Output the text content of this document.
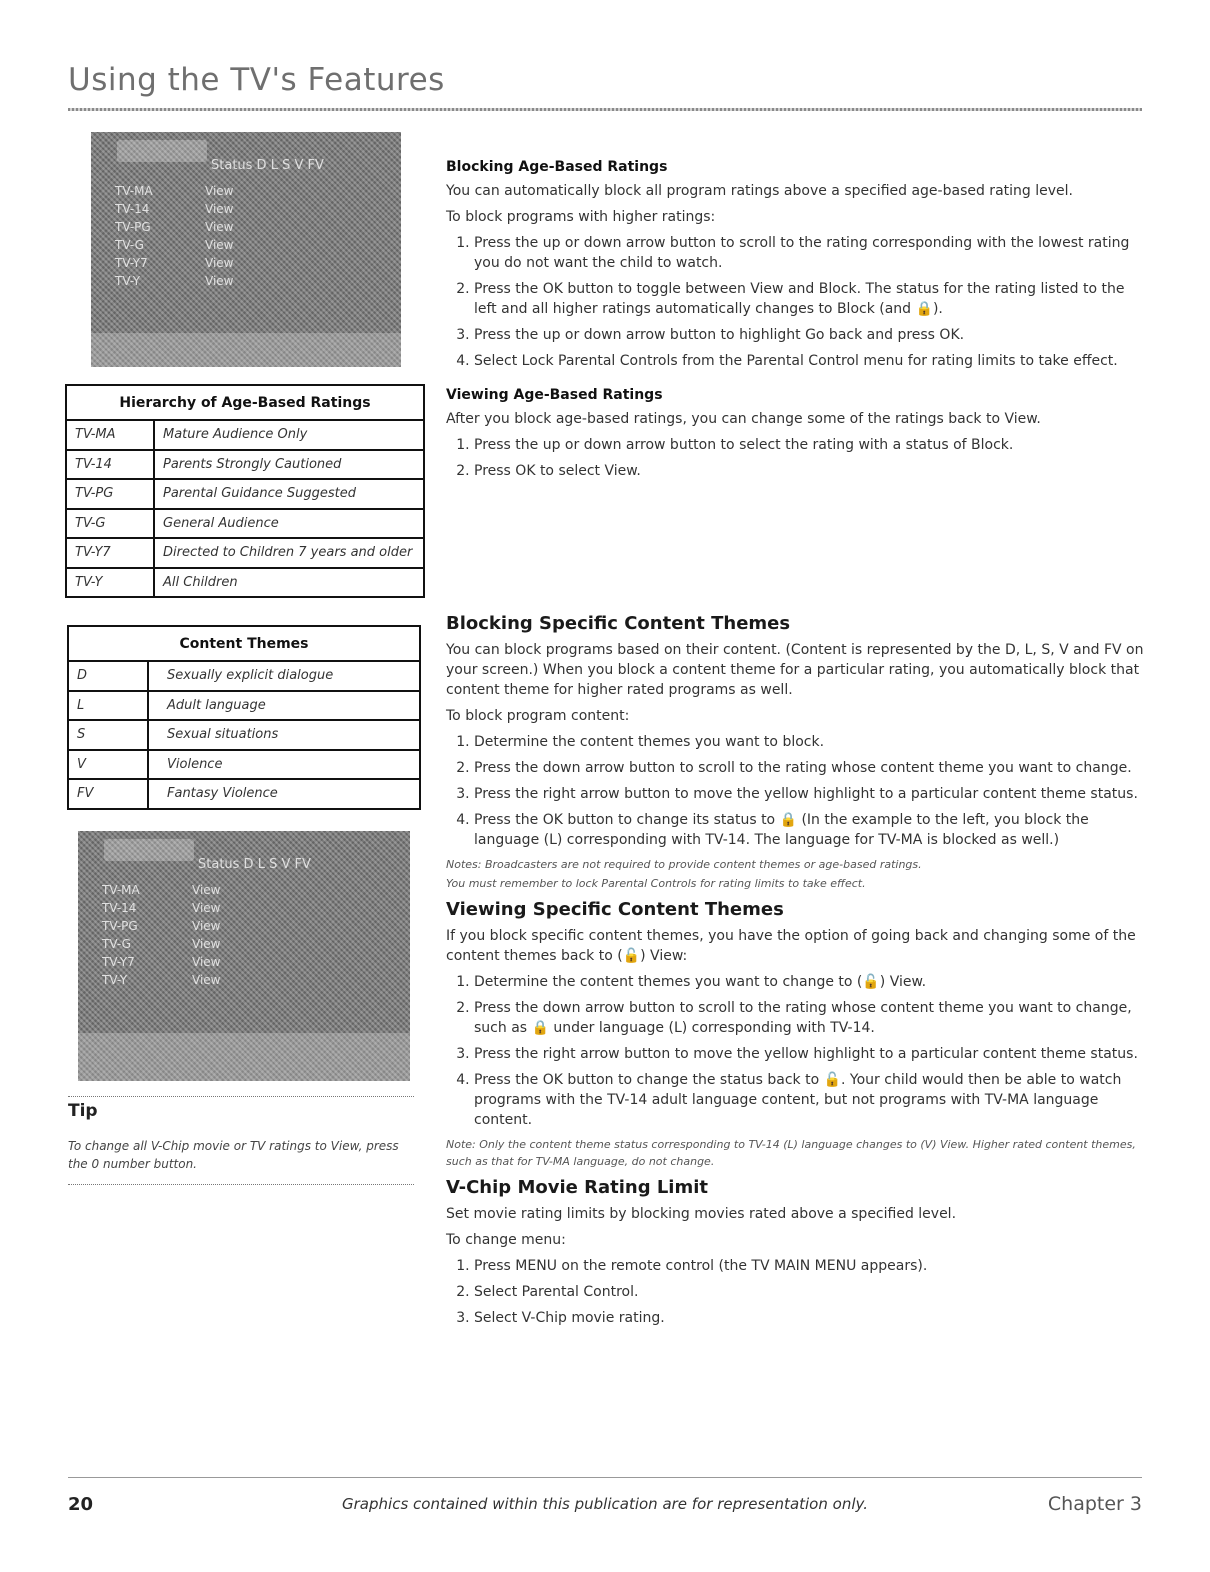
Using the TV's Features
Status D L S V FV
TV-MA	View
TV-14	View
TV-PG	View
TV-G	View
TV-Y7	View
TV-Y	View
Hierarchy of Age-Based Ratings	
TV-MA	Mature Audience Only
TV-14	Parents Strongly Cautioned
TV-PG	Parental Guidance Suggested
TV-G	General Audience
TV-Y7	Directed to Children 7 years and older
TV-Y	All Children
Content Themes	
D	Sexually explicit dialogue
L	Adult language
S	Sexual situations
V	Violence
FV	Fantasy Violence
Status D L S V FV
TV-MA	View
TV-14	View
TV-PG	View
TV-G	View
TV-Y7	View
TV-Y	View
Tip

To change all V-Chip movie or TV ratings to View, press the 0 number button.

Blocking Age-Based Ratings

You can automatically block all program ratings above a specified age-based rating level.

To block programs with higher ratings:

1. Press the up or down arrow button to scroll to the rating corresponding with the lowest rating you do not want the child to watch.
2. Press the OK button to toggle between View and Block. The status for the rating listed to the left and all higher ratings automatically changes to Block (and 🔒).
3. Press the up or down arrow button to highlight Go back and press OK.
4. Select Lock Parental Controls from the Parental Control menu for rating limits to take effect.
Viewing Age-Based Ratings

After you block age-based ratings, you can change some of the ratings back to View.

1. Press the up or down arrow button to select the rating with a status of Block.
2. Press OK to select View.
Blocking Specific Content Themes

You can block programs based on their content. (Content is represented by the D, L, S, V and FV on your screen.) When you block a content theme for a particular rating, you automatically block that content theme for higher rated programs as well.

To block program content:

1. Determine the content themes you want to block.
2. Press the down arrow button to scroll to the rating whose content theme you want to change.
3. Press the right arrow button to move the yellow highlight to a particular content theme status.
4. Press the OK button to change its status to 🔒 (In the example to the left, you block the language (L) corresponding with TV-14. The language for TV-MA is blocked as well.)

Notes: Broadcasters are not required to provide content themes or age-based ratings.

You must remember to lock Parental Controls for rating limits to take effect.

Viewing Specific Content Themes

If you block specific content themes, you have the option of going back and changing some of the content themes back to (🔓) View:

1. Determine the content themes you want to change to (🔓) View.
2. Press the down arrow button to scroll to the rating whose content theme you want to change, such as 🔒 under language (L) corresponding with TV-14.
3. Press the right arrow button to move the yellow highlight to a particular content theme status.
4. Press the OK button to change the status back to 🔓. Your child would then be able to watch programs with the TV-14 adult language content, but not programs with TV-MA language content.

Note: Only the content theme status corresponding to TV-14 (L) language changes to (V) View. Higher rated content themes, such as that for TV-MA language, do not change.

V-Chip Movie Rating Limit

Set movie rating limits by blocking movies rated above a specified level.

To change menu:

1. Press MENU on the remote control (the TV MAIN MENU appears).
2. Select Parental Control.
3. Select V-Chip movie rating.
20	Graphics contained within this publication are for representation only.	Chapter 3
